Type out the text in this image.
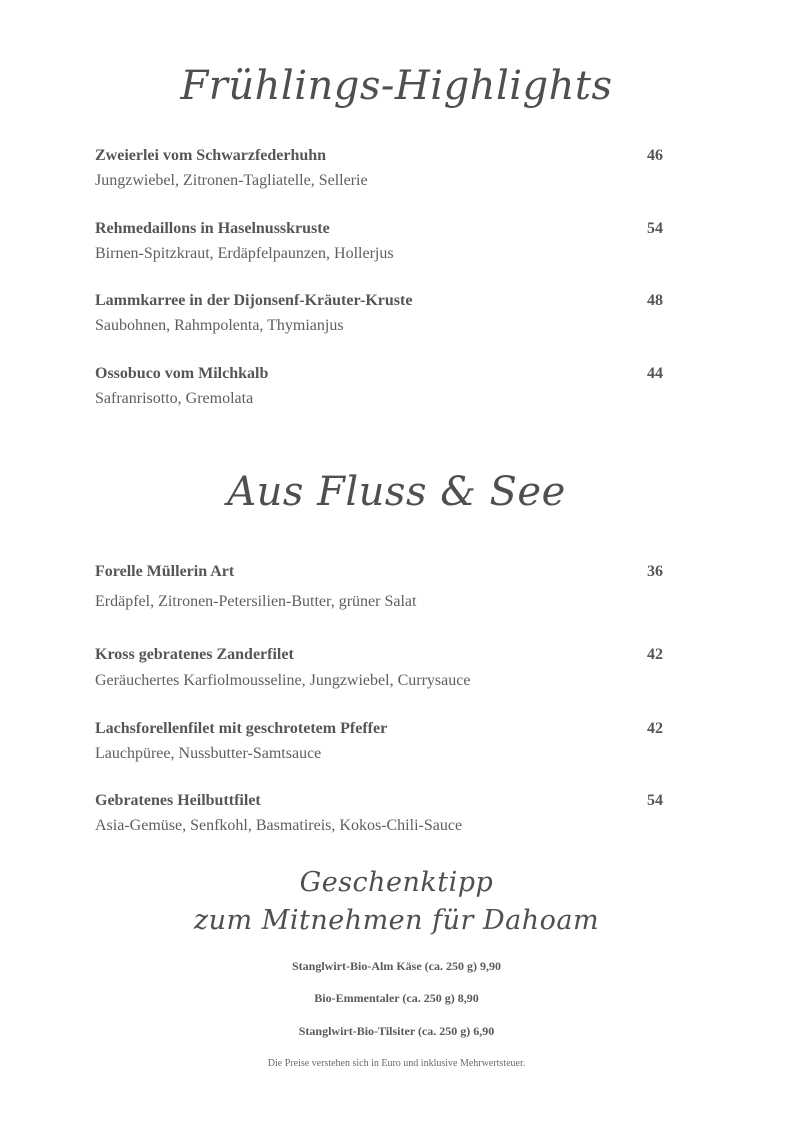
Frühlings-Highlights
Zweierlei vom Schwarzfederhuhn	46
Jungzwiebel, Zitronen-Tagliatelle, Sellerie
Rehmedaillons in Haselnusskruste	54
Birnen-Spitzkraut, Erdäpfelpaunzen, Hollerjus
Lammkarree in der Dijonsenf-Kräuter-Kruste	48
Saubohnen, Rahmpolenta, Thymianjus
Ossobuco vom Milchkalb	44
Safranrisotto, Gremolata
Aus Fluss & See
Forelle Müllerin Art	36
Erdäpfel, Zitronen-Petersilien-Butter, grüner Salat
Kross gebratenes Zanderfilet	42
Geräuchertes Karfiolmousseline, Jungzwiebel, Currysauce
Lachsforellenfilet mit geschrotetem Pfeffer	42
Lauchpüree, Nussbutter-Samtsauce
Gebratenes Heilbuttfilet	54
Asia-Gemüse, Senfkohl, Basmatireis, Kokos-Chili-Sauce
Geschenktipp
zum Mitnehmen für Dahoam
Stanglwirt-Bio-Alm Käse (ca. 250 g) 9,90
Bio-Emmentaler (ca. 250 g) 8,90
Stanglwirt-Bio-Tilsiter (ca. 250 g) 6,90
Die Preise verstehen sich in Euro und inklusive Mehrwertsteuer.
